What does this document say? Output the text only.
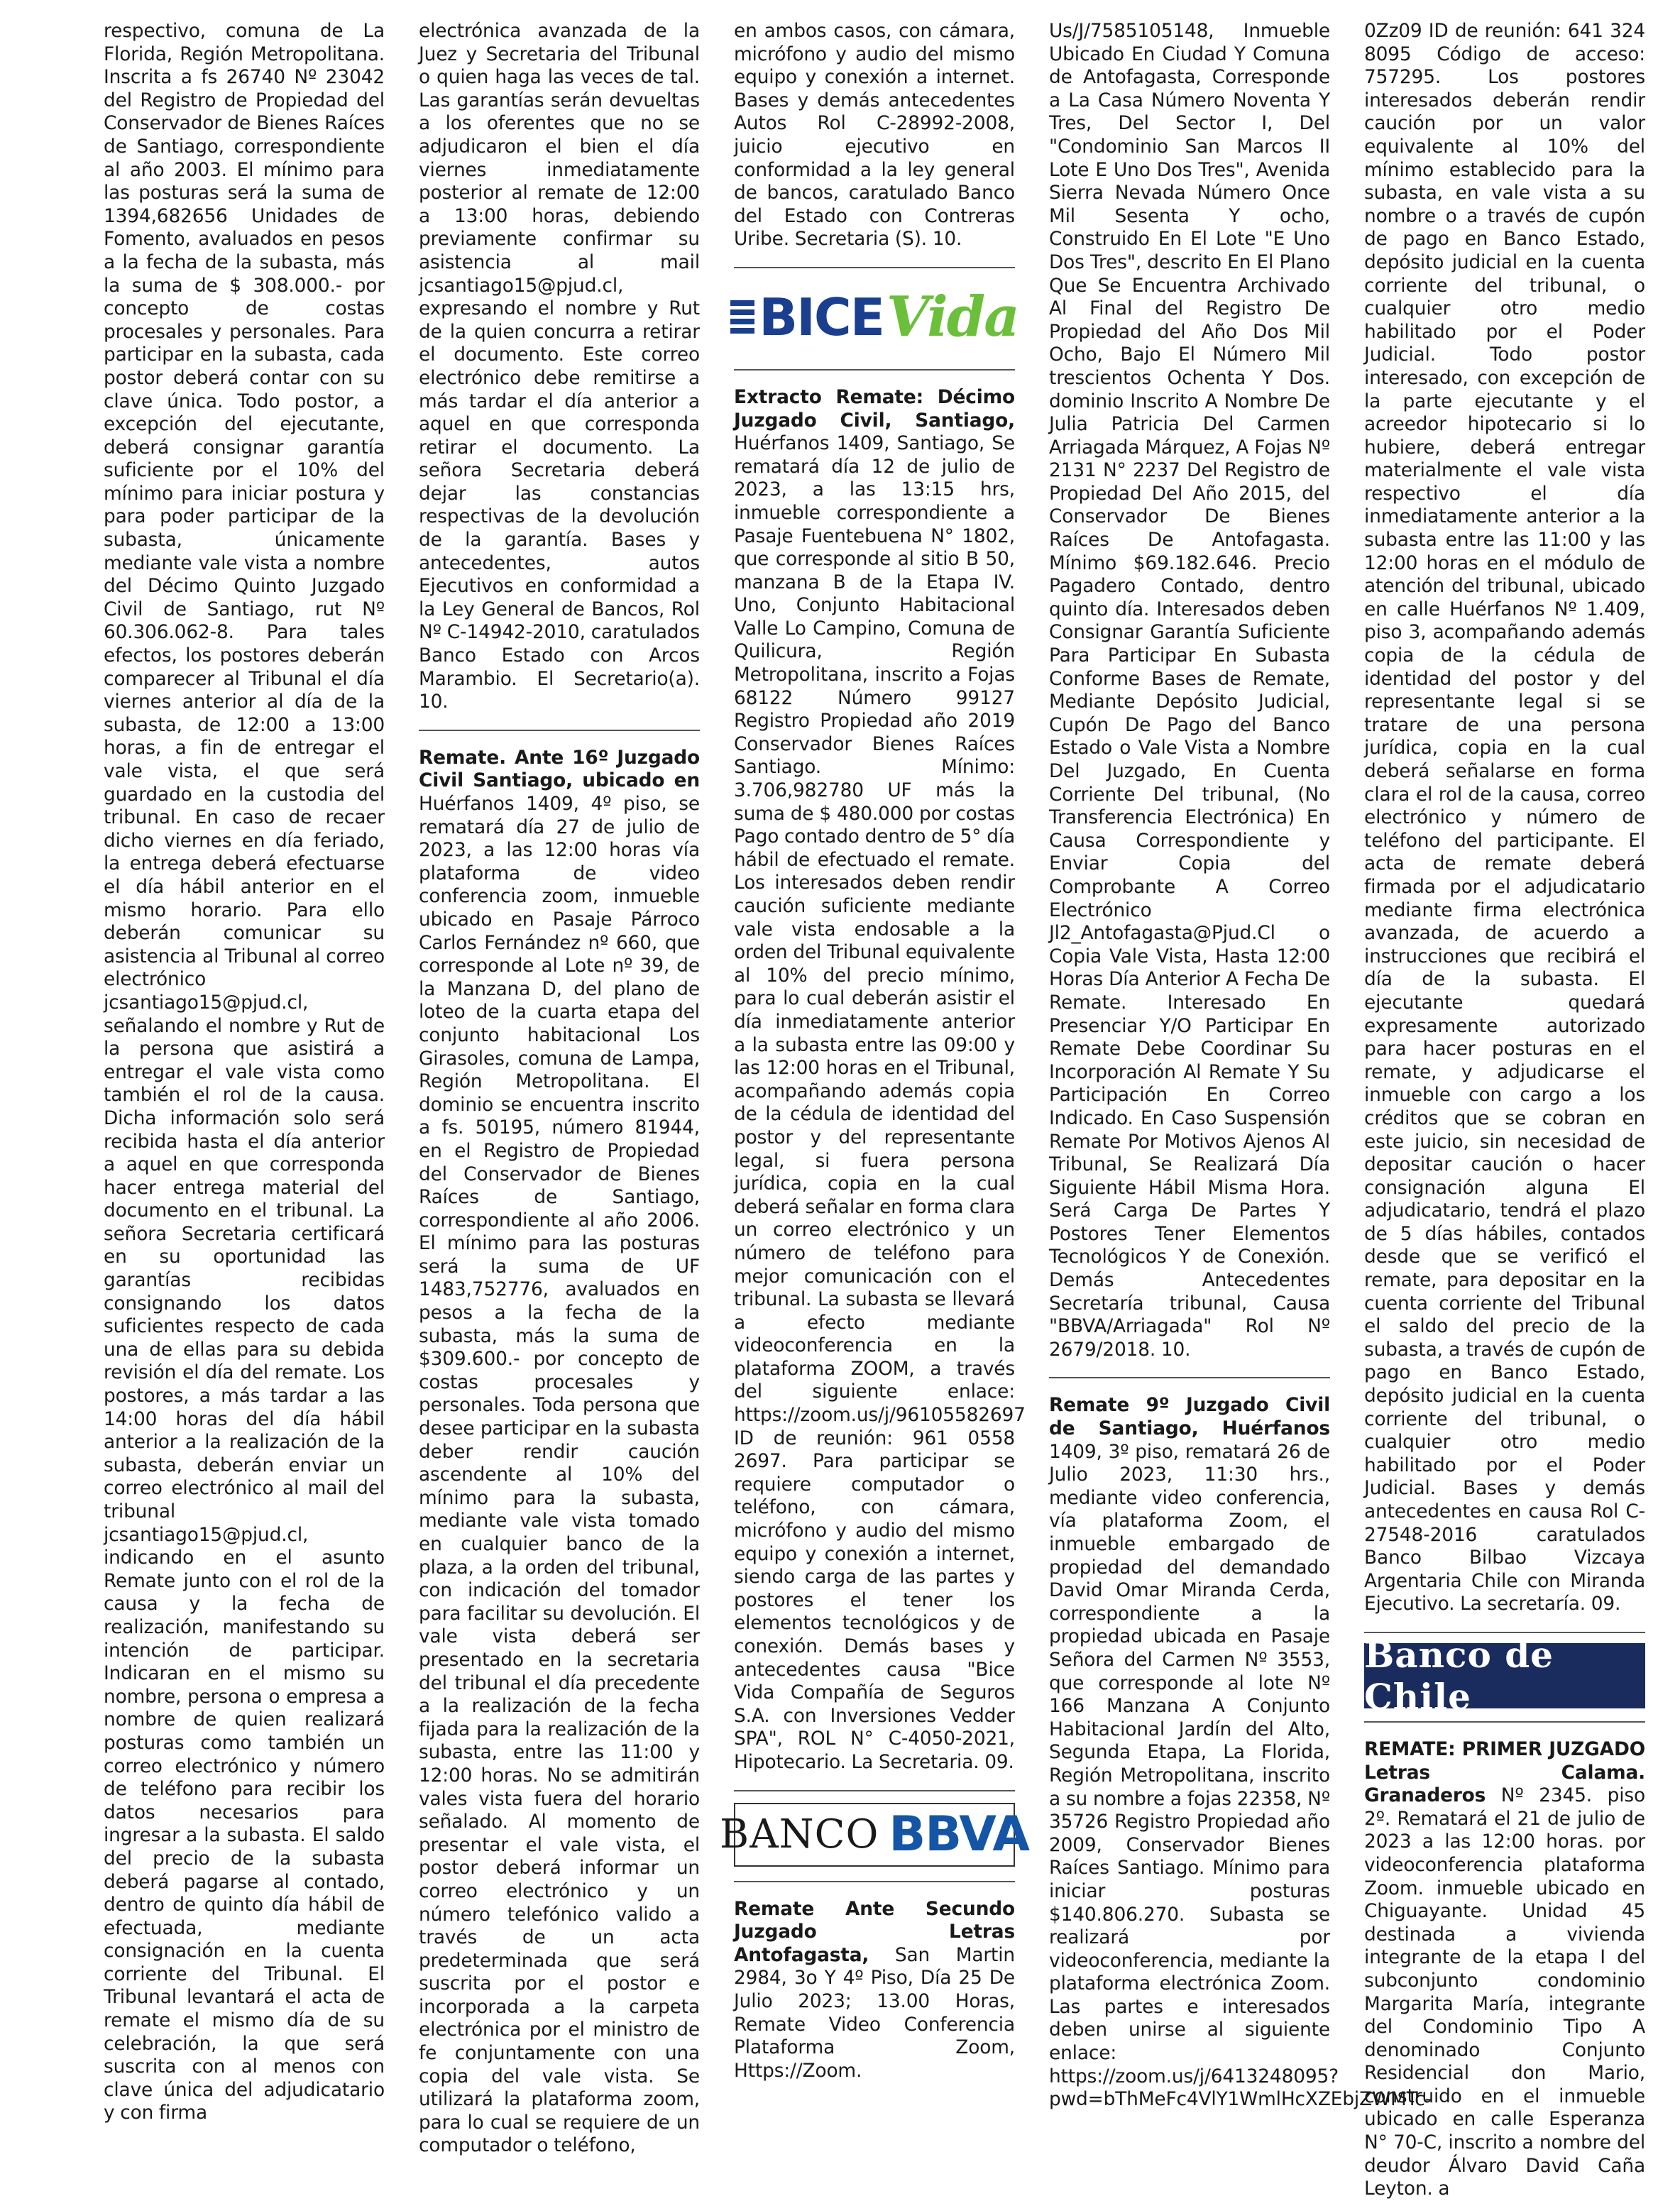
respectivo, comuna de La Florida, Región Metropolitana. Inscrita a fs 26740 Nº 23042 del Registro de Propiedad del Conservador de Bienes Raíces de Santiago, correspondiente al año 2003. El mínimo para las posturas será la suma de 1394,682656 Unidades de Fomento, avaluados en pesos a la fecha de la subasta, más la suma de $ 308.000.- por concepto de costas procesales y personales. Para participar en la subasta, cada postor deberá contar con su clave única. Todo postor, a excepción del ejecutante, deberá consignar garantía suficiente por el 10% del mínimo para iniciar postura y para poder participar de la subasta, únicamente mediante vale vista a nombre del Décimo Quinto Juzgado Civil de Santiago, rut Nº 60.306.062-8. Para tales efectos, los postores deberán comparecer al Tribunal el día viernes anterior al día de la subasta, de 12:00 a 13:00 horas, a fin de entregar el vale vista, el que será guardado en la custodia del tribunal. En caso de recaer dicho viernes en día feriado, la entrega deberá efectuarse el día hábil anterior en el mismo horario. Para ello deberán comunicar su asistencia al Tribunal al correo electrónico jcsantiago15@pjud.cl, señalando el nombre y Rut de la persona que asistirá a entregar el vale vista como también el rol de la causa. Dicha información solo será recibida hasta el día anterior a aquel en que corresponda hacer entrega material del documento en el tribunal. La señora Secretaria certificará en su oportunidad las garantías recibidas consignando los datos suficientes respecto de cada una de ellas para su debida revisión el día del remate. Los postores, a más tardar a las 14:00 horas del día hábil anterior a la realización de la subasta, deberán enviar un correo electrónico al mail del tribunal jcsantiago15@pjud.cl, indicando en el asunto Remate junto con el rol de la causa y la fecha de realización, manifestando su intención de participar. Indicaran en el mismo su nombre, persona o empresa a nombre de quien realizará posturas como también un correo electrónico y número de teléfono para recibir los datos necesarios para ingresar a la subasta. El saldo del precio de la subasta deberá pagarse al contado, dentro de quinto día hábil de efectuada, mediante consignación en la cuenta corriente del Tribunal. El Tribunal levantará el acta de remate el mismo día de su celebración, la que será suscrita con al menos con clave única del adjudicatario y con firma

electrónica avanzada de la Juez y Secretaria del Tribunal o quien haga las veces de tal. Las garantías serán devueltas a los oferentes que no se adjudicaron el bien el día viernes inmediatamente posterior al remate de 12:00 a 13:00 horas, debiendo previamente confirmar su asistencia al mail jcsantiago15@pjud.cl, expresando el nombre y Rut de la quien concurra a retirar el documento. Este correo electrónico debe remitirse a más tardar el día anterior a aquel en que corresponda retirar el documento. La señora Secretaria deberá dejar las constancias respectivas de la devolución de la garantía. Bases y antecedentes, autos Ejecutivos en conformidad a la Ley General de Bancos, Rol Nº C-14942-2010, caratulados Banco Estado con Arcos Marambio. El Secretario(a). 10.

Remate. Ante 16º Juzgado Civil Santiago, ubicado en Huérfanos 1409, 4º piso, se rematará día 27 de julio de 2023, a las 12:00 horas vía plataforma de video conferencia zoom, inmueble ubicado en Pasaje Párroco Carlos Fernández nº 660, que corresponde al Lote nº 39, de la Manzana D, del plano de loteo de la cuarta etapa del conjunto habitacional Los Girasoles, comuna de Lampa, Región Metropolitana. El dominio se encuentra inscrito a fs. 50195, número 81944, en el Registro de Propiedad del Conservador de Bienes Raíces de Santiago, correspondiente al año 2006. El mínimo para las posturas será la suma de UF 1483,752776, avaluados en pesos a la fecha de la subasta, más la suma de $309.600.- por concepto de costas procesales y personales. Toda persona que desee participar en la subasta deber rendir caución ascendente al 10% del mínimo para la subasta, mediante vale vista tomado en cualquier banco de la plaza, a la orden del tribunal, con indicación del tomador para facilitar su devolución. El vale vista deberá ser presentado en la secretaria del tribunal el día precedente a la realización de la fecha fijada para la realización de la subasta, entre las 11:00 y 12:00 horas. No se admitirán vales vista fuera del horario señalado. Al momento de presentar el vale vista, el postor deberá informar un correo electrónico y un número telefónico valido a través de un acta predeterminada que será suscrita por el postor e incorporada a la carpeta electrónica por el ministro de fe conjuntamente con una copia del vale vista. Se utilizará la plataforma zoom, para lo cual se requiere de un computador o teléfono,

en ambos casos, con cámara, micrófono y audio del mismo equipo y conexión a internet. Bases y demás antecedentes Autos Rol C-28992-2008, juicio ejecutivo en conformidad a la ley general de bancos, caratulado Banco del Estado con Contreras Uribe. Secretaria (S). 10.

BICE Vida

Extracto Remate: Décimo Juzgado Civil, Santiago, Huérfanos 1409, Santiago, Se rematará día 12 de julio de 2023, a las 13:15 hrs, inmueble correspondiente a Pasaje Fuentebuena N° 1802, que corresponde al sitio B 50, manzana B de la Etapa IV. Uno, Conjunto Habitacional Valle Lo Campino, Comuna de Quilicura, Región Metropolitana, inscrito a Fojas 68122 Número 99127 Registro Propiedad año 2019 Conservador Bienes Raíces Santiago. Mínimo: 3.706,982780 UF más la suma de $ 480.000 por costas Pago contado dentro de 5° día hábil de efectuado el remate. Los interesados deben rendir caución suficiente mediante vale vista endosable a la orden del Tribunal equivalente al 10% del precio mínimo, para lo cual deberán asistir el día inmediatamente anterior a la subasta entre las 09:00 y las 12:00 horas en el Tribunal, acompañando además copia de la cédula de identidad del postor y del representante legal, si fuera persona jurídica, copia en la cual deberá señalar en forma clara un correo electrónico y un número de teléfono para mejor comunicación con el tribunal. La subasta se llevará a efecto mediante videoconferencia en la plataforma ZOOM, a través del siguiente enlace: https://zoom.us/j/96105582697 ID de reunión: 961 0558 2697. Para participar se requiere computador o teléfono, con cámara, micrófono y audio del mismo equipo y conexión a internet, siendo carga de las partes y postores el tener los elementos tecnológicos y de conexión. Demás bases y antecedentes causa "Bice Vida Compañía de Seguros S.A. con Inversiones Vedder SPA", ROL N° C-4050-2021, Hipotecario. La Secretaria. 09.

BANCO BBVA

Remate Ante Secundo Juzgado Letras Antofagasta, San Martin 2984, 3o Y 4º Piso, Día 25 De Julio 2023; 13.00 Horas, Remate Video Conferencia Plataforma Zoom, Https://Zoom.

Us/J/7585105148, Inmueble Ubicado En Ciudad Y Comuna de Antofagasta, Corresponde a La Casa Número Noventa Y Tres, Del Sector I, Del "Condominio San Marcos II Lote E Uno Dos Tres", Avenida Sierra Nevada Número Once Mil Sesenta Y ocho, Construido En El Lote "E Uno Dos Tres", descrito En El Plano Que Se Encuentra Archivado Al Final del Registro De Propiedad del Año Dos Mil Ocho, Bajo El Número Mil trescientos Ochenta Y Dos. dominio Inscrito A Nombre De Julia Patricia Del Carmen Arriagada Márquez, A Fojas Nº 2131 N° 2237 Del Registro de Propiedad Del Año 2015, del Conservador De Bienes Raíces De Antofagasta. Mínimo $69.182.646. Precio Pagadero Contado, dentro quinto día. Interesados deben Consignar Garantía Suficiente Para Participar En Subasta Conforme Bases de Remate, Mediante Depósito Judicial, Cupón De Pago del Banco Estado o Vale Vista a Nombre Del Juzgado, En Cuenta Corriente Del tribunal, (No Transferencia Electrónica) En Causa Correspondiente y Enviar Copia del Comprobante A Correo Electrónico Jl2_Antofagasta@Pjud.Cl o Copia Vale Vista, Hasta 12:00 Horas Día Anterior A Fecha De Remate. Interesado En Presenciar Y/O Participar En Remate Debe Coordinar Su Incorporación Al Remate Y Su Participación En Correo Indicado. En Caso Suspensión Remate Por Motivos Ajenos Al Tribunal, Se Realizará Día Siguiente Hábil Misma Hora. Será Carga De Partes Y Postores Tener Elementos Tecnológicos Y de Conexión. Demás Antecedentes Secretaría tribunal, Causa "BBVA/Arriagada" Rol Nº 2679/2018. 10.

Remate 9º Juzgado Civil de Santiago, Huérfanos 1409, 3º piso, rematará 26 de Julio 2023, 11:30 hrs., mediante video conferencia, vía plataforma Zoom, el inmueble embargado de propiedad del demandado David Omar Miranda Cerda, correspondiente a la propiedad ubicada en Pasaje Señora del Carmen Nº 3553, que corresponde al lote Nº 166 Manzana A Conjunto Habitacional Jardín del Alto, Segunda Etapa, La Florida, Región Metropolitana, inscrito a su nombre a fojas 22358, Nº 35726 Registro Propiedad año 2009, Conservador Bienes Raíces Santiago. Mínimo para iniciar posturas $140.806.270. Subasta se realizará por videoconferencia, mediante la plataforma electrónica Zoom. Las partes e interesados deben unirse al siguiente enlace: https://zoom.us/j/6413248095?pwd=bThMeFc4VlY1WmlHcXZEbjZWMTc-

0Zz09 ID de reunión: 641 324 8095 Código de acceso: 757295. Los postores interesados deberán rendir caución por un valor equivalente al 10% del mínimo establecido para la subasta, en vale vista a su nombre o a través de cupón de pago en Banco Estado, depósito judicial en la cuenta corriente del tribunal, o cualquier otro medio habilitado por el Poder Judicial. Todo postor interesado, con excepción de la parte ejecutante y el acreedor hipotecario si lo hubiere, deberá entregar materialmente el vale vista respectivo el día inmediatamente anterior a la subasta entre las 11:00 y las 12:00 horas en el módulo de atención del tribunal, ubicado en calle Huérfanos Nº 1.409, piso 3, acompañando además copia de la cédula de identidad del postor y del representante legal si se tratare de una persona jurídica, copia en la cual deberá señalarse en forma clara el rol de la causa, correo electrónico y número de teléfono del participante. El acta de remate deberá firmada por el adjudicatario mediante firma electrónica avanzada, de acuerdo a instrucciones que recibirá el día de la subasta. El ejecutante quedará expresamente autorizado para hacer posturas en el remate, y adjudicarse el inmueble con cargo a los créditos que se cobran en este juicio, sin necesidad de depositar caución o hacer consignación alguna El adjudicatario, tendrá el plazo de 5 días hábiles, contados desde que se verificó el remate, para depositar en la cuenta corriente del Tribunal el saldo del precio de la subasta, a través de cupón de pago en Banco Estado, depósito judicial en la cuenta corriente del tribunal, o cualquier otro medio habilitado por el Poder Judicial. Bases y demás antecedentes en causa Rol C-27548-2016 caratulados Banco Bilbao Vizcaya Argentaria Chile con Miranda Ejecutivo. La secretaría. 09.

Banco de Chile

REMATE: PRIMER JUZGADO Letras Calama. Granaderos Nº 2345. piso 2º. Rematará el 21 de julio de 2023 a las 12:00 horas. por videoconferencia plataforma Zoom. inmueble ubicado en Chiguayante. Unidad 45 destinada a vivienda integrante de la etapa I del subconjunto condominio Margarita María, integrante del Condominio Tipo A denominado Conjunto Residencial don Mario, construido en el inmueble ubicado en calle Esperanza N° 70-C, inscrito a nombre del deudor Álvaro David Caña Leyton. a
